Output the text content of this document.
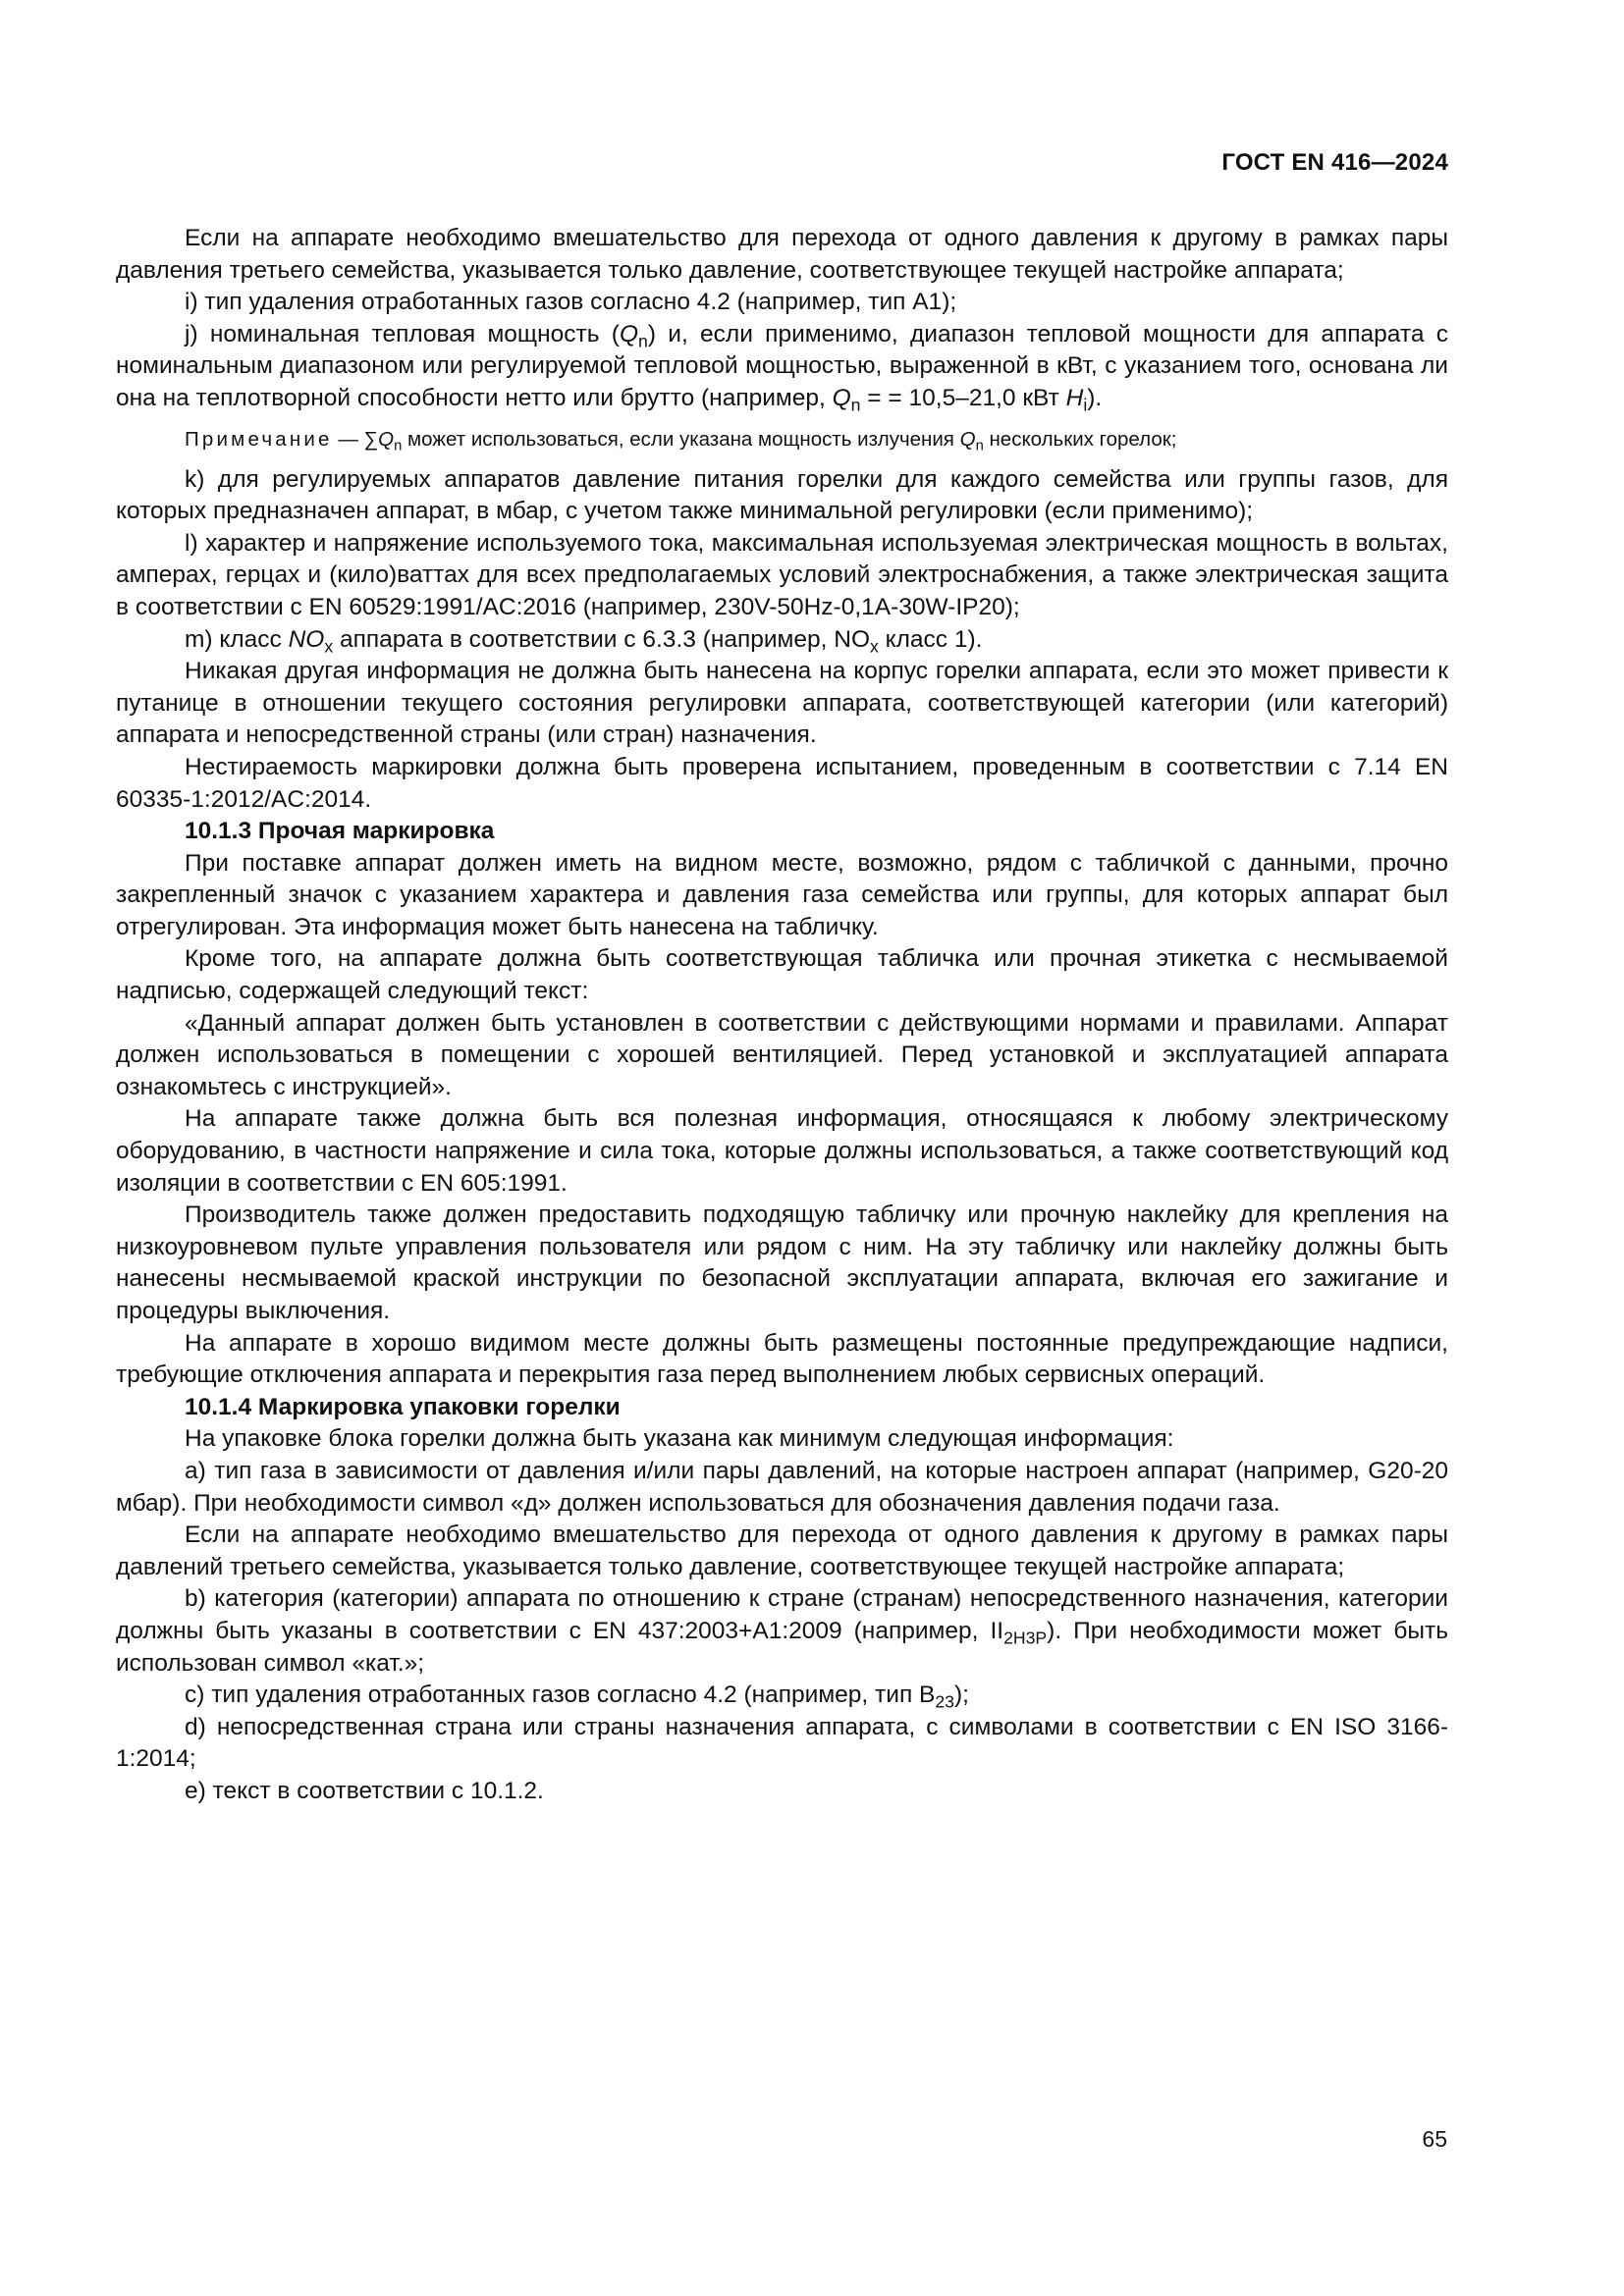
ГОСТ EN 416—2024

Если на аппарате необходимо вмешательство для перехода от одного давления к другому в рамках пары давления третьего семейства, указывается только давление, соответствующее текущей настройке аппарата;

i) тип удаления отработанных газов согласно 4.2 (например, тип А1);

j) номинальная тепловая мощность $(Q_n)$ и, если применимо, диапазон тепловой мощности для аппарата с номинальным диапазоном или регулируемой тепловой мощностью, выраженной в кВт, с указанием того, основана ли она на теплотворной способности нетто или брутто (например, $Q_n$ = = 10,5–21,0 кВт $H_i$).

Примечание — $\sum Q_n$ может использоваться, если указана мощность излучения $Q_n$ нескольких горелок;

k) для регулируемых аппаратов давление питания горелки для каждого семейства или группы газов, для которых предназначен аппарат, в мбар, с учетом также минимальной регулировки (если применимо);

l) характер и напряжение используемого тока, максимальная используемая электрическая мощность в вольтах, амперах, герцах и (кило)ваттах для всех предполагаемых условий электроснабжения, а также электрическая защита в соответствии с EN 60529:1991/AC:2016 (например, 230V-50Hz-0,1A-30W-IP20);

m) класс $NO_x$ аппарата в соответствии с 6.3.3 (например, $NO_x$ класс 1).

Никакая другая информация не должна быть нанесена на корпус горелки аппарата, если это может привести к путанице в отношении текущего состояния регулировки аппарата, соответствующей категории (или категорий) аппарата и непосредственной страны (или стран) назначения.

Нестираемость маркировки должна быть проверена испытанием, проведенным в соответствии с 7.14 EN 60335-1:2012/AC:2014.

10.1.3 Прочая маркировка

При поставке аппарат должен иметь на видном месте, возможно, рядом с табличкой с данными, прочно закрепленный значок с указанием характера и давления газа семейства или группы, для которых аппарат был отрегулирован. Эта информация может быть нанесена на табличку.

Кроме того, на аппарате должна быть соответствующая табличка или прочная этикетка с несмываемой надписью, содержащей следующий текст:

«Данный аппарат должен быть установлен в соответствии с действующими нормами и правилами. Аппарат должен использоваться в помещении с хорошей вентиляцией. Перед установкой и эксплуатацией аппарата ознакомьтесь с инструкцией».

На аппарате также должна быть вся полезная информация, относящаяся к любому электрическому оборудованию, в частности напряжение и сила тока, которые должны использоваться, а также соответствующий код изоляции в соответствии с EN 605:1991.

Производитель также должен предоставить подходящую табличку или прочную наклейку для крепления на низкоуровневом пульте управления пользователя или рядом с ним. На эту табличку или наклейку должны быть нанесены несмываемой краской инструкции по безопасной эксплуатации аппарата, включая его зажигание и процедуры выключения.

На аппарате в хорошо видимом месте должны быть размещены постоянные предупреждающие надписи, требующие отключения аппарата и перекрытия газа перед выполнением любых сервисных операций.

10.1.4 Маркировка упаковки горелки

На упаковке блока горелки должна быть указана как минимум следующая информация:

a) тип газа в зависимости от давления и/или пары давлений, на которые настроен аппарат (например, G20-20 мбар). При необходимости символ «д» должен использоваться для обозначения давления подачи газа.

Если на аппарате необходимо вмешательство для перехода от одного давления к другому в рамках пары давлений третьего семейства, указывается только давление, соответствующее текущей настройке аппарата;

b) категория (категории) аппарата по отношению к стране (странам) непосредственного назначения, категории должны быть указаны в соответствии с EN 437:2003+A1:2009 (например, $II_{2H3P}$). При необходимости может быть использован символ «кат.»;

c) тип удаления отработанных газов согласно 4.2 (например, тип $B_{23}$);

d) непосредственная страна или страны назначения аппарата, с символами в соответствии с EN ISO 3166-1:2014;

e) текст в соответствии с 10.1.2.

65
